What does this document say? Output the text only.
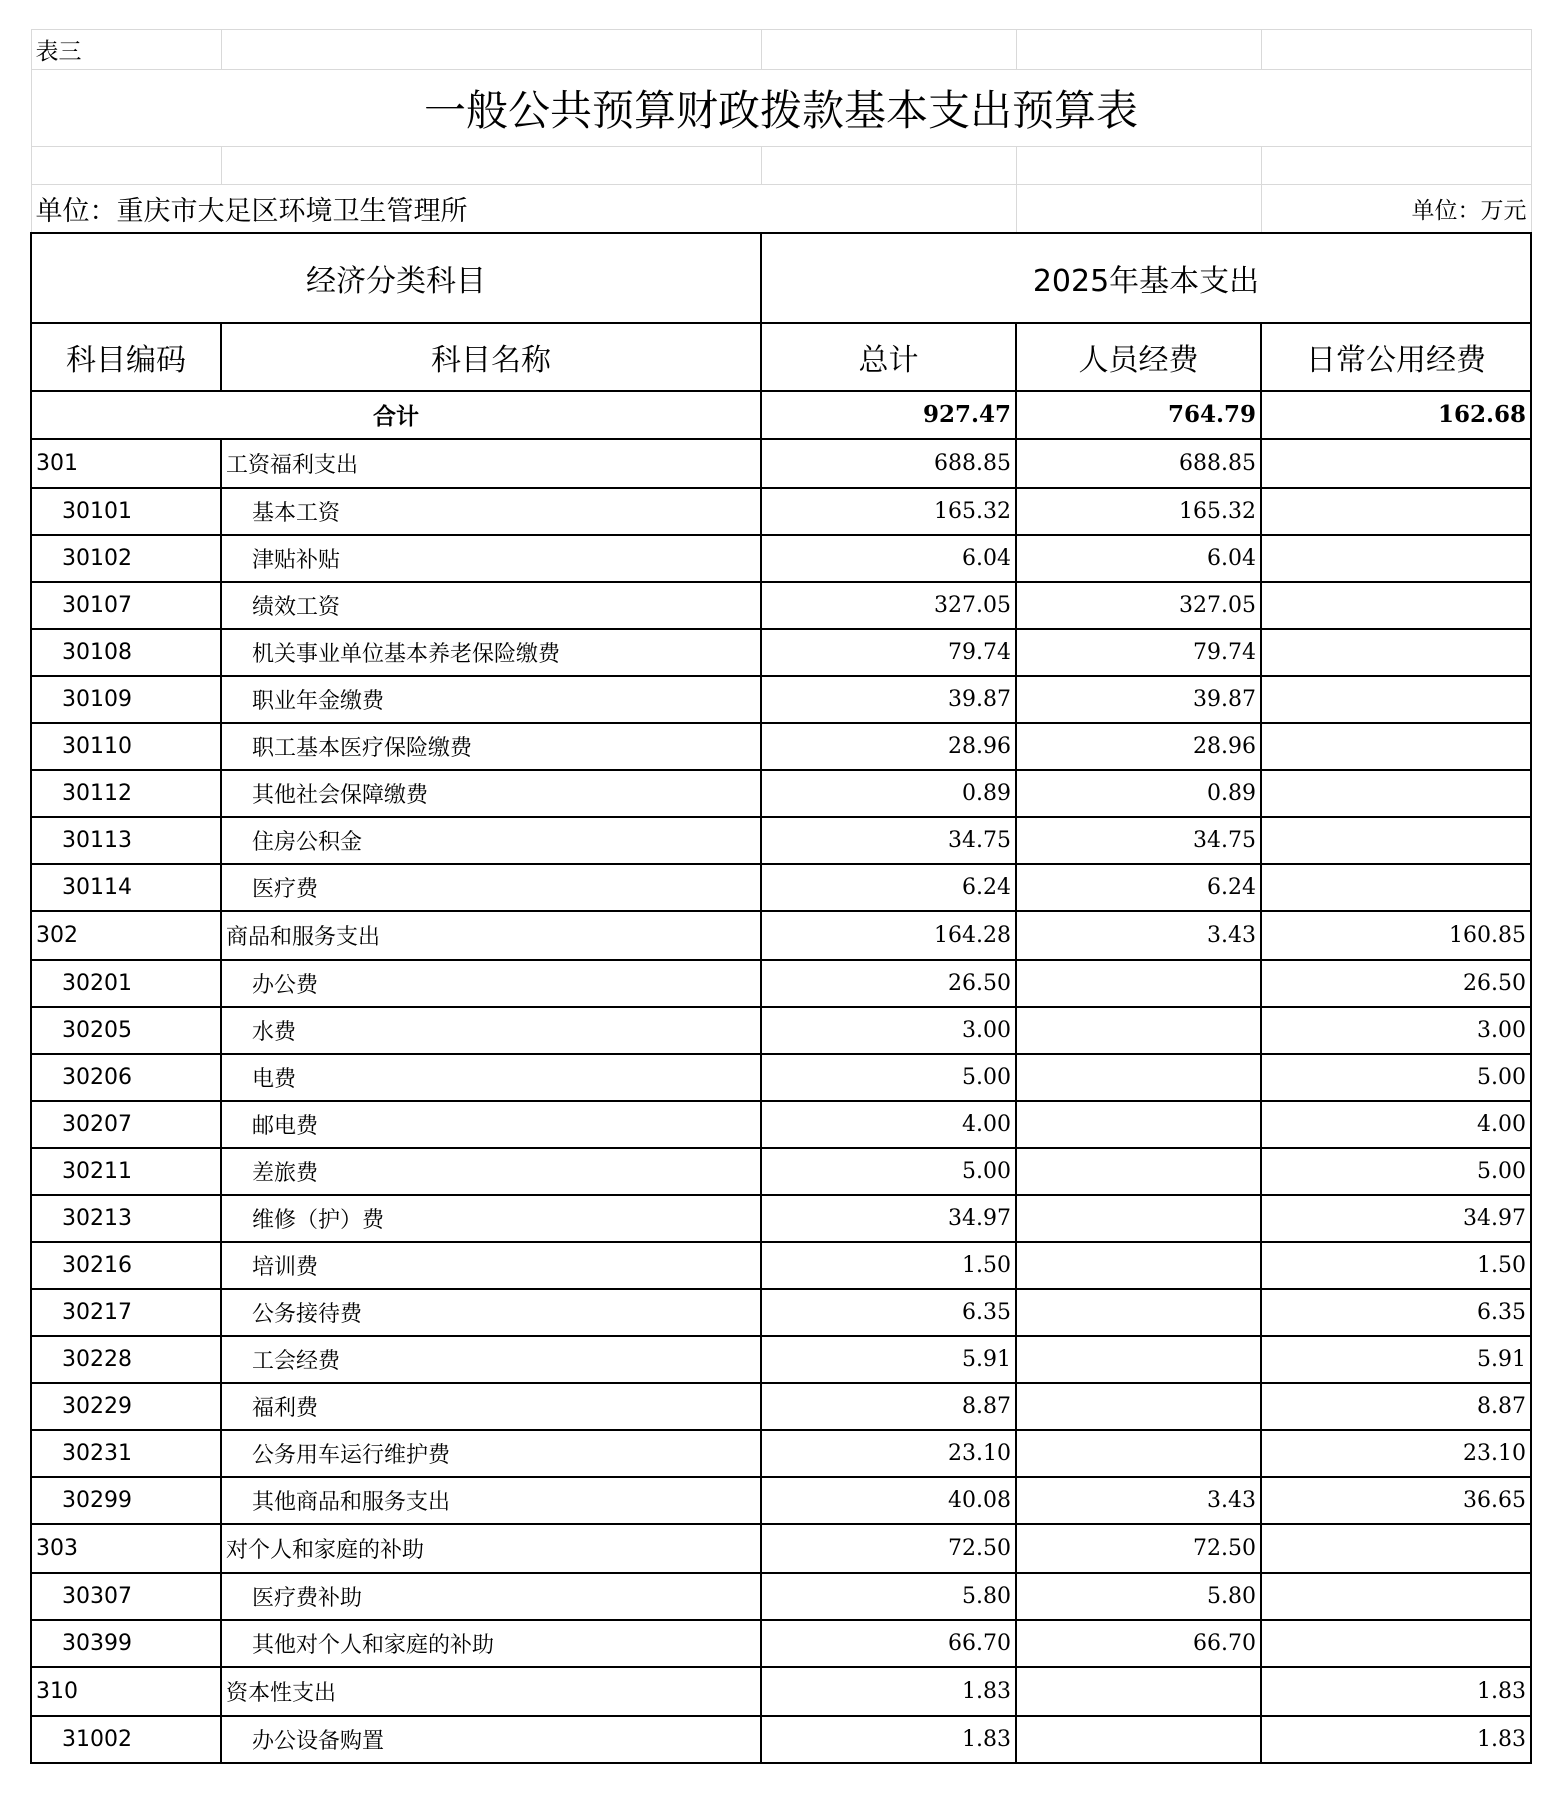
表三				
一般公共预算财政拨款基本支出预算表				

单位：重庆市大足区环境卫生管理所				单位：万元
经济分类科目		2025年基本支出		
科目编码	科目名称	总计	人员经费	日常公用经费
合计		927.47	764.79	162.68
301	工资福利支出	688.85	688.85	
30101	基本工资	165.32	165.32	
30102	津贴补贴	6.04	6.04	
30107	绩效工资	327.05	327.05	
30108	机关事业单位基本养老保险缴费	79.74	79.74	
30109	职业年金缴费	39.87	39.87	
30110	职工基本医疗保险缴费	28.96	28.96	
30112	其他社会保障缴费	0.89	0.89	
30113	住房公积金	34.75	34.75	
30114	医疗费	6.24	6.24	
302	商品和服务支出	164.28	3.43	160.85
30201	办公费	26.50		26.50
30205	水费	3.00		3.00
30206	电费	5.00		5.00
30207	邮电费	4.00		4.00
30211	差旅费	5.00		5.00
30213	维修（护）费	34.97		34.97
30216	培训费	1.50		1.50
30217	公务接待费	6.35		6.35
30228	工会经费	5.91		5.91
30229	福利费	8.87		8.87
30231	公务用车运行维护费	23.10		23.10
30299	其他商品和服务支出	40.08	3.43	36.65
303	对个人和家庭的补助	72.50	72.50	
30307	医疗费补助	5.80	5.80	
30399	其他对个人和家庭的补助	66.70	66.70	
310	资本性支出	1.83		1.83
31002	办公设备购置	1.83		1.83
